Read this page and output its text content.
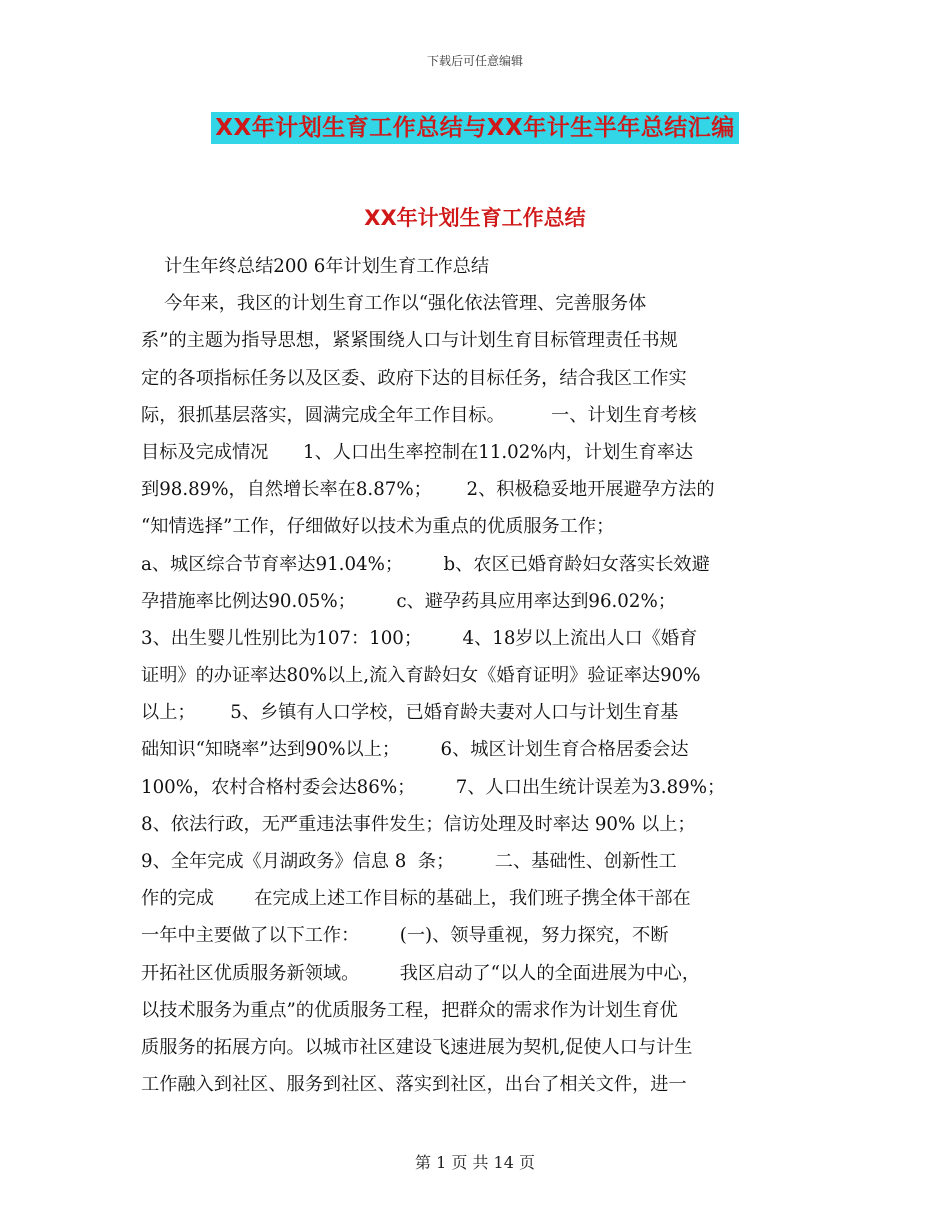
下载后可任意编辑
XX年计划生育工作总结与XX年计生半年总结汇编
XX年计划生育工作总结
计生年终总结200 6年计划生育工作总结
今年来，我区的计划生育工作以“强化依法管理、完善服务体
系”的主题为指导思想，紧紧围绕人口与计划生育目标管理责任书规
定的各项指标任务以及区委、政府下达的目标任务，结合我区工作实
际，狠抓基层落实，圆满完成全年工作目标。        一、计划生育考核
目标及完成情况      1、人口出生率控制在11.02%内，计划生育率达
到98.89%，自然增长率在8.87%；      2、积极稳妥地开展避孕方法的
“知情选择”工作，仔细做好以技术为重点的优质服务工作；
a、城区综合节育率达91.04%；       b、农区已婚育龄妇女落实长效避
孕措施率比例达90.05%；       c、避孕药具应用率达到96.02%；
3、出生婴儿性别比为107：100；       4、18岁以上流出人口《婚育
证明》的办证率达80%以上,流入育龄妇女《婚育证明》验证率达90%
以上；      5、乡镇有人口学校，已婚育龄夫妻对人口与计划生育基
础知识“知晓率”达到90%以上；       6、城区计划生育合格居委会达
100%，农村合格村委会达86%；       7、人口出生统计误差为3.89%；
8、依法行政，无严重违法事件发生；信访处理及时率达 90% 以上；
9、全年完成《月湖政务》信息 8  条；       二、基础性、创新性工
作的完成       在完成上述工作目标的基础上，我们班子携全体干部在
一年中主要做了以下工作：       (一)、领导重视，努力探究，不断
开拓社区优质服务新领域。       我区启动了“以人的全面进展为中心，
以技术服务为重点”的优质服务工程，把群众的需求作为计划生育优
质服务的拓展方向。以城市社区建设飞速进展为契机,促使人口与计生
工作融入到社区、服务到社区、落实到社区，出台了相关文件，进一
第 1 页 共 14 页
